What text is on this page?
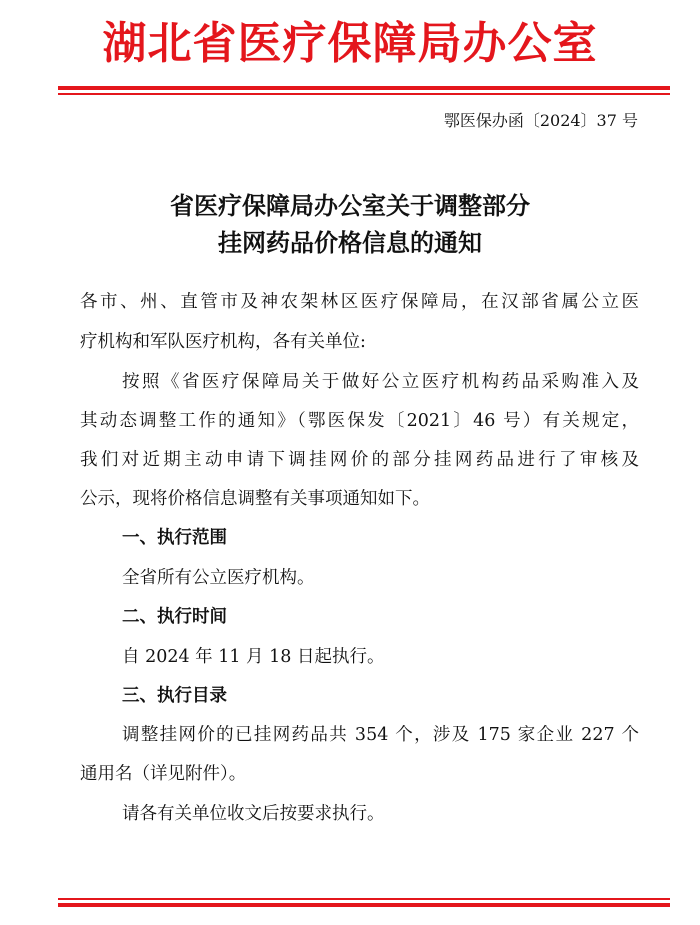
湖北省医疗保障局办公室
鄂医保办函〔2024〕37 号
省医疗保障局办公室关于调整部分
挂网药品价格信息的通知
各市、州、直管市及神农架林区医疗保障局，在汉部省属公立医
疗机构和军队医疗机构，各有关单位:
按照《省医疗保障局关于做好公立医疗机构药品采购准入及
其动态调整工作的通知》（鄂医保发〔2021〕46 号）有关规定，
我们对近期主动申请下调挂网价的部分挂网药品进行了审核及
公示，现将价格信息调整有关事项通知如下。
一、执行范围
全省所有公立医疗机构。
二、执行时间
自 2024 年 11 月 18 日起执行。
三、执行目录
调整挂网价的已挂网药品共 354 个，涉及 175 家企业 227 个
通用名（详见附件）。
请各有关单位收文后按要求执行。
